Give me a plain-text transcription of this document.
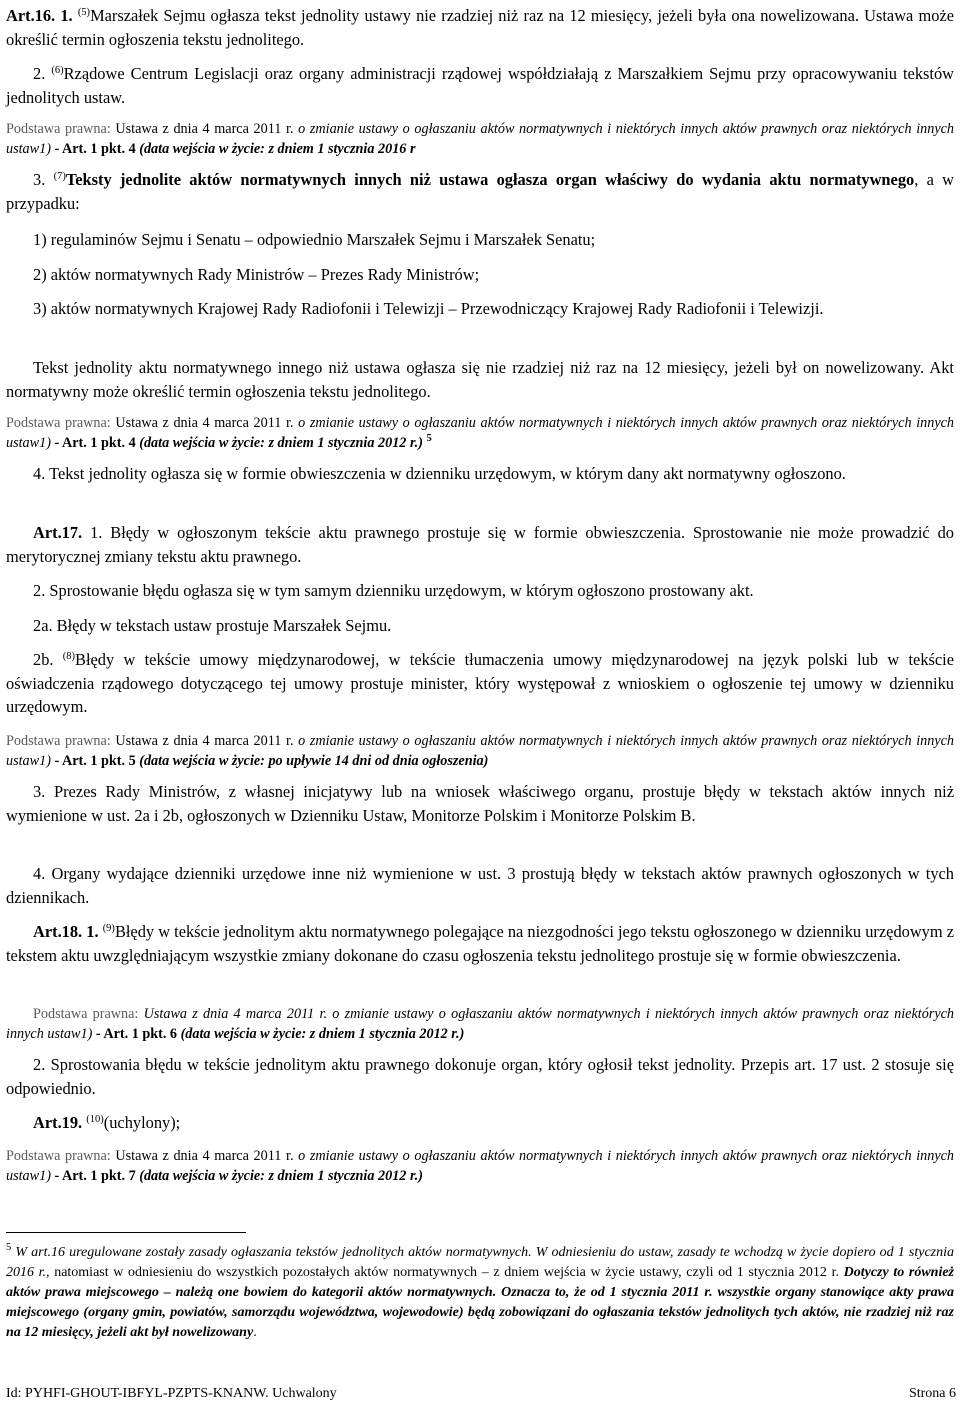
Art.16. 1. $^{(5)}$Marszałek Sejmu ogłasza tekst jednolity ustawy nie rzadziej niż raz na 12 miesięcy, jeżeli była ona nowelizowana. Ustawa może określić termin ogłoszenia tekstu jednolitego.

2. $^{(6)}$Rządowe Centrum Legislacji oraz organy administracji rządowej współdziałają z Marszałkiem Sejmu przy opracowywaniu tekstów jednolitych ustaw.

Podstawa prawna: Ustawa z dnia 4 marca 2011 r. o zmianie ustawy o ogłaszaniu aktów normatywnych i niektórych innych aktów prawnych oraz niektórych innych ustaw1) - Art. 1 pkt. 4 (data wejścia w życie: z dniem 1 stycznia 2016 r

3. $^{(7)}$Teksty jednolite aktów normatywnych innych niż ustawa ogłasza organ właściwy do wydania aktu normatywnego, a w przypadku:

1) regulaminów Sejmu i Senatu – odpowiednio Marszałek Sejmu i Marszałek Senatu;

2) aktów normatywnych Rady Ministrów – Prezes Rady Ministrów;

3) aktów normatywnych Krajowej Rady Radiofonii i Telewizji – Przewodniczący Krajowej Rady Radiofonii i Telewizji.

Tekst jednolity aktu normatywnego innego niż ustawa ogłasza się nie rzadziej niż raz na 12 miesięcy, jeżeli był on nowelizowany. Akt normatywny może określić termin ogłoszenia tekstu jednolitego.

Podstawa prawna: Ustawa z dnia 4 marca 2011 r. o zmianie ustawy o ogłaszaniu aktów normatywnych i niektórych innych aktów prawnych oraz niektórych innych ustaw1) - Art. 1 pkt. 4 (data wejścia w życie: z dniem 1 stycznia 2012 r.) $^5$

4. Tekst jednolity ogłasza się w formie obwieszczenia w dzienniku urzędowym, w którym dany akt normatywny ogłoszono.

Art.17. 1. Błędy w ogłoszonym tekście aktu prawnego prostuje się w formie obwieszczenia. Sprostowanie nie może prowadzić do merytorycznej zmiany tekstu aktu prawnego.

2. Sprostowanie błędu ogłasza się w tym samym dzienniku urzędowym, w którym ogłoszono prostowany akt.

2a. Błędy w tekstach ustaw prostuje Marszałek Sejmu.

2b. $^{(8)}$Błędy w tekście umowy międzynarodowej, w tekście tłumaczenia umowy międzynarodowej na język polski lub w tekście oświadczenia rządowego dotyczącego tej umowy prostuje minister, który występował z wnioskiem o ogłoszenie tej umowy w dzienniku urzędowym.

Podstawa prawna: Ustawa z dnia 4 marca 2011 r. o zmianie ustawy o ogłaszaniu aktów normatywnych i niektórych innych aktów prawnych oraz niektórych innych ustaw1) - Art. 1 pkt. 5 (data wejścia w życie: po upływie 14 dni od dnia ogłoszenia)

3. Prezes Rady Ministrów, z własnej inicjatywy lub na wniosek właściwego organu, prostuje błędy w tekstach aktów innych niż wymienione w ust. 2a i 2b, ogłoszonych w Dzienniku Ustaw, Monitorze Polskim i Monitorze Polskim B.

4. Organy wydające dzienniki urzędowe inne niż wymienione w ust. 3 prostują błędy w tekstach aktów prawnych ogłoszonych w tych dziennikach.

Art.18. 1. $^{(9)}$Błędy w tekście jednolitym aktu normatywnego polegające na niezgodności jego tekstu ogłoszonego w dzienniku urzędowym z tekstem aktu uwzględniającym wszystkie zmiany dokonane do czasu ogłoszenia tekstu jednolitego prostuje się w formie obwieszczenia.

Podstawa prawna: Ustawa z dnia 4 marca 2011 r. o zmianie ustawy o ogłaszaniu aktów normatywnych i niektórych innych aktów prawnych oraz niektórych innych ustaw1) - Art. 1 pkt. 6 (data wejścia w życie: z dniem 1 stycznia 2012 r.)

2. Sprostowania błędu w tekście jednolitym aktu prawnego dokonuje organ, który ogłosił tekst jednolity. Przepis art. 17 ust. 2 stosuje się odpowiednio.

Art.19. $^{(10)}$(uchylony);

Podstawa prawna: Ustawa z dnia 4 marca 2011 r. o zmianie ustawy o ogłaszaniu aktów normatywnych i niektórych innych aktów prawnych oraz niektórych innych ustaw1) - Art. 1 pkt. 7 (data wejścia w życie: z dniem 1 stycznia 2012 r.)

$^5$ W art.16 uregulowane zostały zasady ogłaszania tekstów jednolitych aktów normatywnych. W odniesieniu do ustaw, zasady te wchodzą w życie dopiero od 1 stycznia 2016 r., natomiast w odniesieniu do wszystkich pozostałych aktów normatywnych – z dniem wejścia w życie ustawy, czyli od 1 stycznia 2012 r. Dotyczy to również aktów prawa miejscowego – należą one bowiem do kategorii aktów normatywnych. Oznacza to, że od 1 stycznia 2011 r. wszystkie organy stanowiące akty prawa miejscowego (organy gmin, powiatów, samorządu województwa, wojewodowie) będą zobowiązani do ogłaszania tekstów jednolitych tych aktów, nie rzadziej niż raz na 12 miesięcy, jeżeli akt był nowelizowany.

Id: PYHFI-GHOUT-IBFYL-PZPTS-KNANW. Uchwalony	Strona 6
